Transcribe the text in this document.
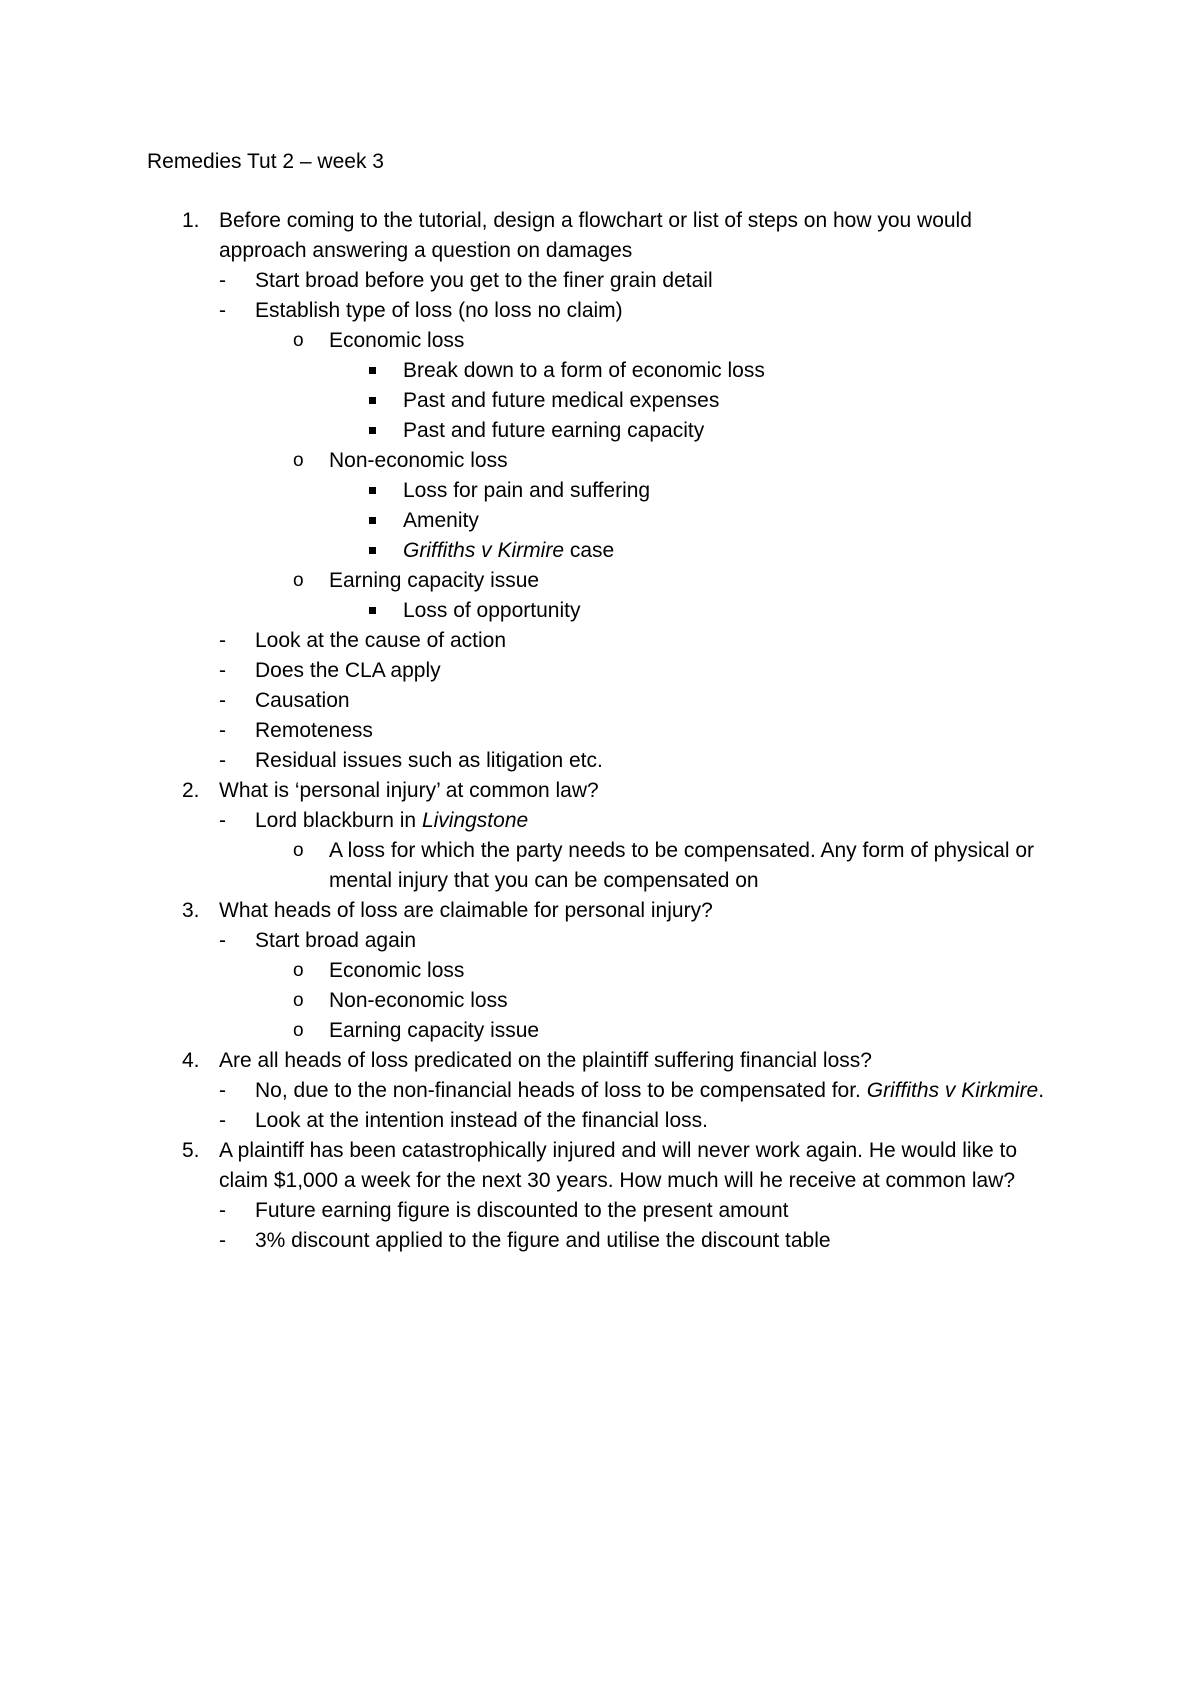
Remedies Tut 2 – week 3
1. Before coming to the tutorial, design a flowchart or list of steps on how you would approach answering a question on damages
-	Start broad before you get to the finer grain detail
-	Establish type of loss (no loss no claim)
o	Economic loss
Break down to a form of economic loss
Past and future medical expenses
Past and future earning capacity
o	Non-economic loss
Loss for pain and suffering
Amenity
Griffiths v Kirmire case
o	Earning capacity issue
Loss of opportunity
-	Look at the cause of action
-	Does the CLA apply
-	Causation
-	Remoteness
-	Residual issues such as litigation etc.
2. What is ‘personal injury’ at common law?
-	Lord blackburn in Livingstone
o A loss for which the party needs to be compensated. Any form of physical or mental injury that you can be compensated on
3. What heads of loss are claimable for personal injury?
-	Start broad again
o	Economic loss
o	Non-economic loss
o	Earning capacity issue
4. Are all heads of loss predicated on the plaintiff suffering financial loss?
- No, due to the non-financial heads of loss to be compensated for. Griffiths v Kirkmire.
-	Look at the intention instead of the financial loss.
5. A plaintiff has been catastrophically injured and will never work again. He would like to claim $1,000 a week for the next 30 years. How much will he receive at common law?
-	Future earning figure is discounted to the present amount
-	3% discount applied to the figure and utilise the discount table
